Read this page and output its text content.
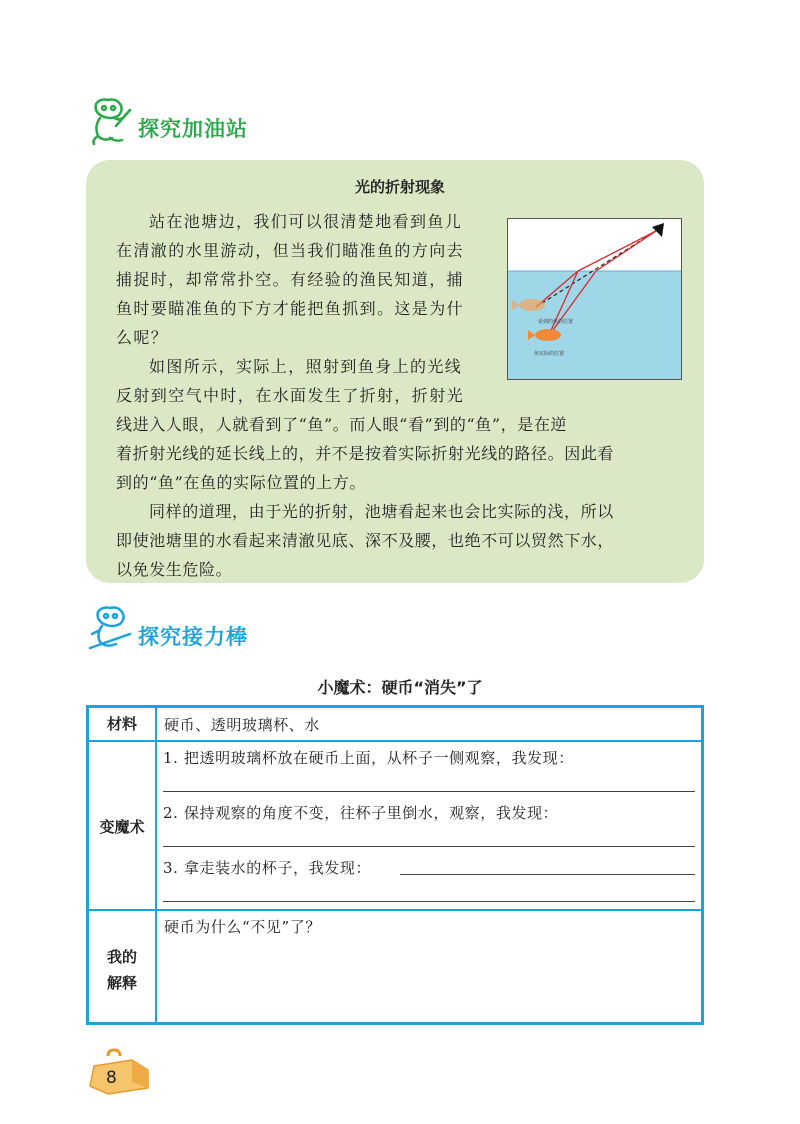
探究加油站
光的折射现象
站在池塘边，我们可以很清楚地看到鱼儿
在清澈的水里游动，但当我们瞄准鱼的方向去
捕捉时，却常常扑空。有经验的渔民知道，捕
鱼时要瞄准鱼的下方才能把鱼抓到。这是为什
么呢？
如图所示，实际上，照射到鱼身上的光线
反射到空气中时，在水面发生了折射，折射光
线进入人眼，人就看到了“鱼”。而人眼“看”到的“鱼”，是在逆
着折射光线的延长线上的，并不是按着实际折射光线的路径。因此看
到的“鱼”在鱼的实际位置的上方。
同样的道理，由于光的折射，池塘看起来也会比实际的浅，所以
即使池塘里的水看起来清澈见底、深不及腰，也绝不可以贸然下水，
以免发生危险。
看到的鱼的位置
鱼实际的位置
探究接力棒
小魔术：硬币“消失”了
材料	硬币、透明玻璃杯、水
变魔术
1. 把透明玻璃杯放在硬币上面，从杯子一侧观察，我发现：
2. 保持观察的角度不变，往杯子里倒水，观察，我发现：
3. 拿走装水的杯子，我发现：
我的
解释
硬币为什么“不见”了？
8
